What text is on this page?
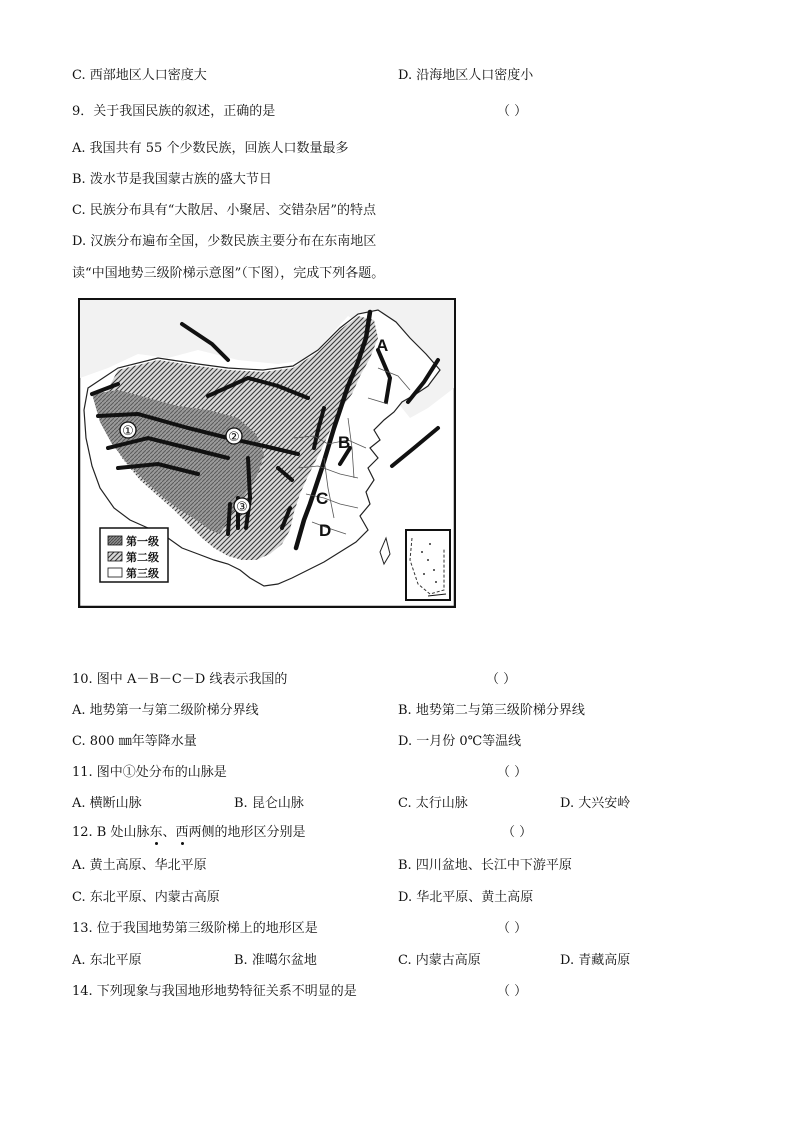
C. 西部地区人口密度大	D. 沿海地区人口密度小
9．关于我国民族的叙述，正确的是	（ ）
A. 我国共有 55 个少数民族，回族人口数量最多
B. 泼水节是我国蒙古族的盛大节日
C. 民族分布具有“大散居、小聚居、交错杂居”的特点
D. 汉族分布遍布全国，少数民族主要分布在东南地区
读“中国地势三级阶梯示意图”（下图），完成下列各题。
A
B
C
D
①	②
③
第一级
第二级
第三级
10. 图中 A－B－C－D 线表示我国的	（ ）
A. 地势第一与第二级阶梯分界线	B. 地势第二与第三级阶梯分界线
C. 800 ㎜年等降水量	D. 一月份 0℃等温线
11. 图中①处分布的山脉是	（ ）
A. 横断山脉	B. 昆仑山脉	C. 太行山脉	D. 大兴安岭
12. B 处山脉东、西两侧的地形区分别是	（ ）
A. 黄土高原、华北平原	B. 四川盆地、长江中下游平原
C. 东北平原、内蒙古高原	D. 华北平原、黄土高原
13. 位于我国地势第三级阶梯上的地形区是	（ ）
A. 东北平原	B. 准噶尔盆地	C. 内蒙古高原	D. 青藏高原
14. 下列现象与我国地形地势特征关系不明显的是	（ ）
